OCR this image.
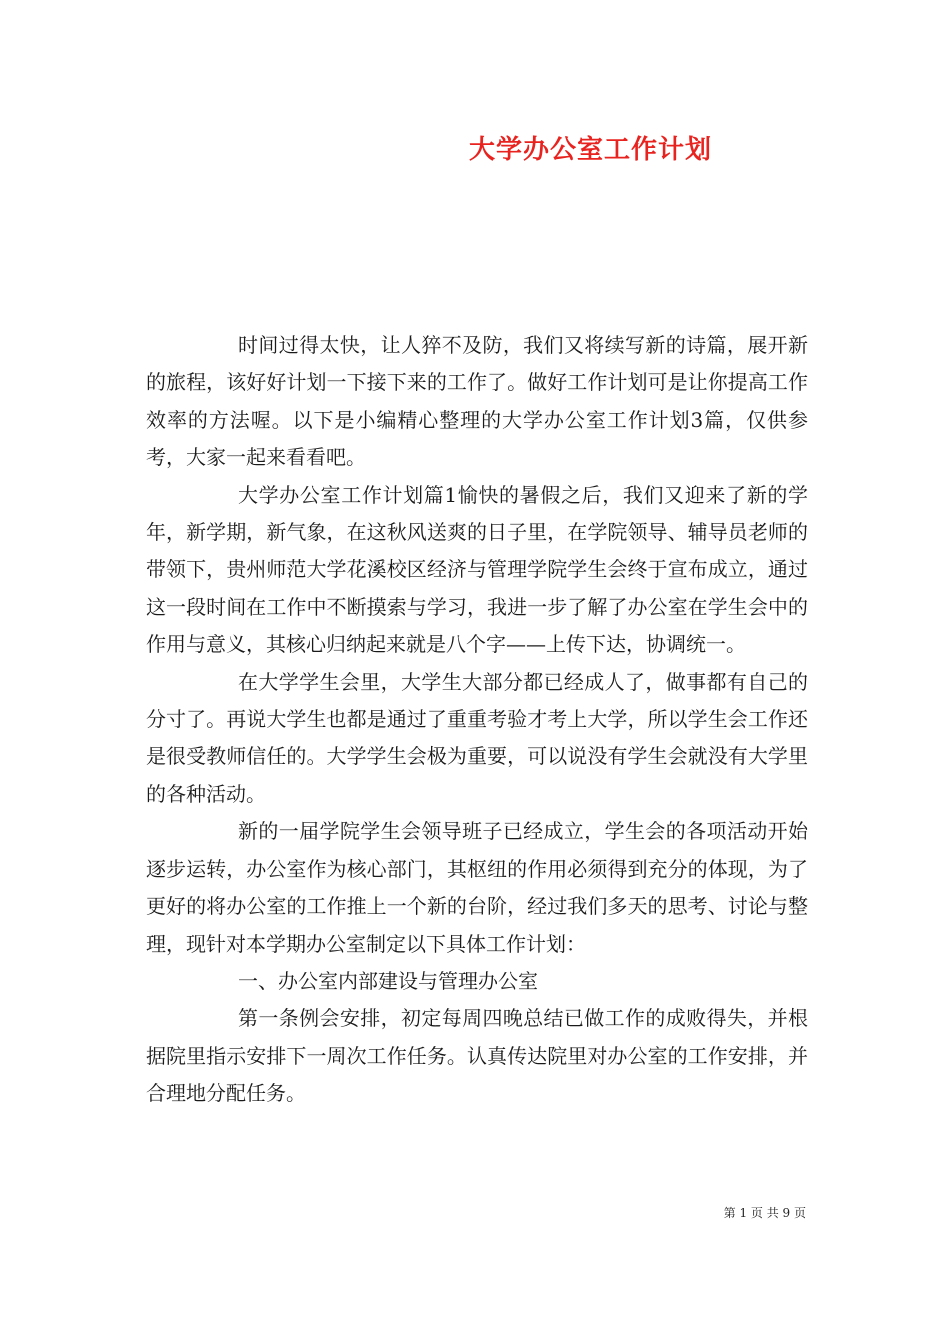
大学办公室工作计划

时间过得太快，让人猝不及防，我们又将续写新的诗篇，展开新的旅程，该好好计划一下接下来的工作了。做好工作计划可是让你提高工作效率的方法喔。以下是小编精心整理的大学办公室工作计划3篇，仅供参考，大家一起来看看吧。

大学办公室工作计划篇1愉快的暑假之后，我们又迎来了新的学年，新学期，新气象，在这秋风送爽的日子里，在学院领导、辅导员老师的带领下，贵州师范大学花溪校区经济与管理学院学生会终于宣布成立，通过这一段时间在工作中不断摸索与学习，我进一步了解了办公室在学生会中的作用与意义，其核心归纳起来就是八个字——上传下达，协调统一。

在大学学生会里，大学生大部分都已经成人了，做事都有自己的分寸了。再说大学生也都是通过了重重考验才考上大学，所以学生会工作还是很受教师信任的。大学学生会极为重要，可以说没有学生会就没有大学里的各种活动。

新的一届学院学生会领导班子已经成立，学生会的各项活动开始逐步运转，办公室作为核心部门，其枢纽的作用必须得到充分的体现，为了更好的将办公室的工作推上一个新的台阶，经过我们多天的思考、讨论与整理，现针对本学期办公室制定以下具体工作计划：

一、办公室内部建设与管理办公室

第一条例会安排，初定每周四晚总结已做工作的成败得失，并根据院里指示安排下一周次工作任务。认真传达院里对办公室的工作安排，并合理地分配任务。

第 1 页 共 9 页
